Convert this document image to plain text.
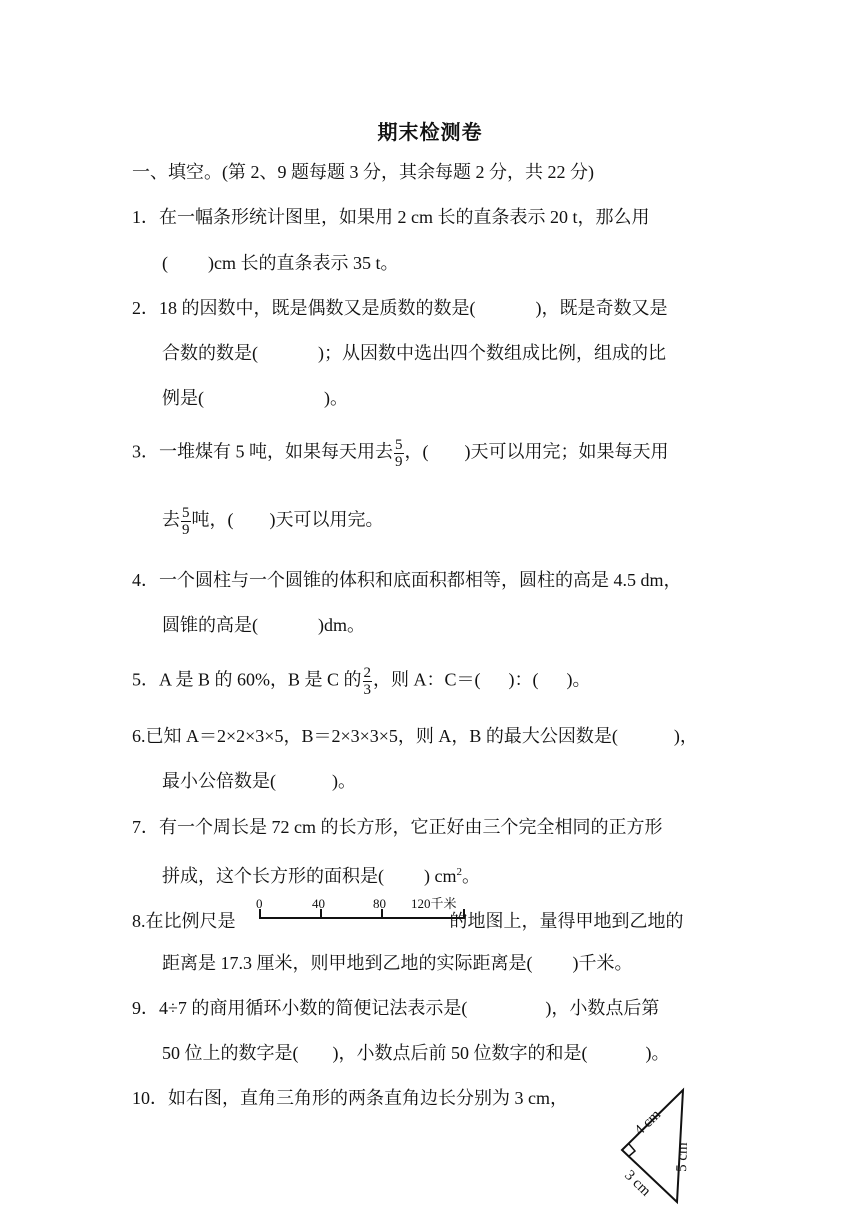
期末检测卷
一、填空。(第 2、9 题每题 3 分，其余每题 2 分，共 22 分)
1．在一幅条形统计图里，如果用 2 cm 长的直条表示 20 t，那么用
( )cm 长的直条表示 35 t。
2．18 的因数中，既是偶数又是质数的数是(	)，既是奇数又是
合数的数是(	)；从因数中选出四个数组成比例，组成的比
例是(	)。
3．一堆煤有 5 吨，如果每天用去 $\frac{5}{9}$ ，( )天可以用完；如果每天用
去 $\frac{5}{9}$ 吨，( )天可以用完。
4．一个圆柱与一个圆锥的体积和底面积都相等，圆柱的高是 4.5 dm，
圆锥的高是(	)dm。
5．A 是 B 的 60%，B 是 C 的 $\frac{2}{3}$ ，则 A：C＝( )：( )。
6.已知 A＝2×2×3×5，B＝2×3×3×5，则 A，B 的最大公因数是(	)，
最小公倍数是(	)。
7．有一个周长是 72 cm 的长方形，它正好由三个完全相同的正方形
拼成，这个长方形的面积是( ) $cm^2$。
8.在比例尺是	的地图上，量得甲地到乙地的
0	40	80 120千米
距离是 17.3 厘米，则甲地到乙地的实际距离是( )千米。
9．4÷7 的商用循环小数的简便记法表示是(	)，小数点后第
50 位上的数字是( )，小数点后前 50 位数字的和是(	)。
10．如右图，直角三角形的两条直角边长分别为 3 cm，
4 cm
5 cm
3 cm
